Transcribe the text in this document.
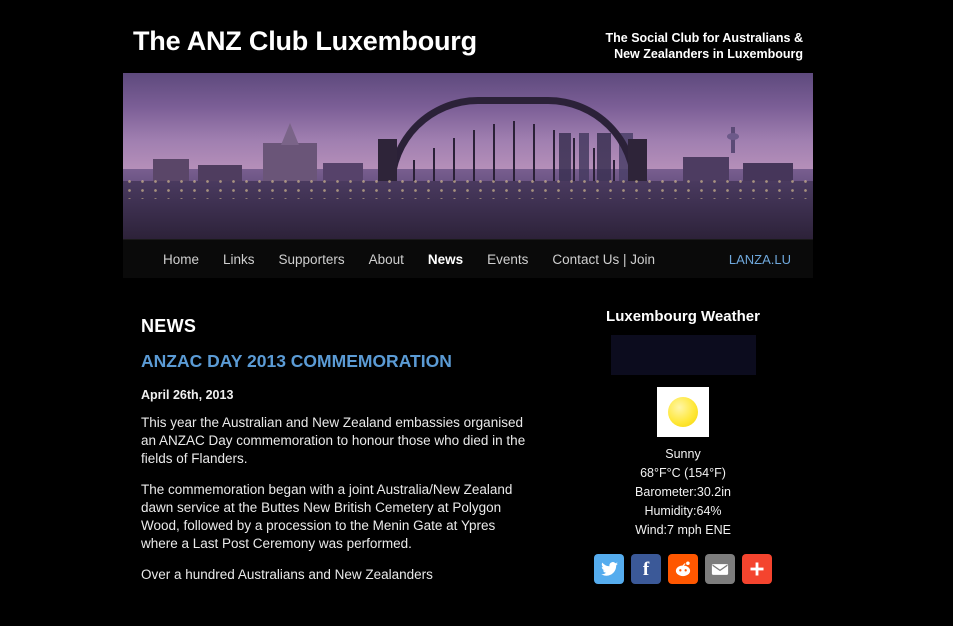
The ANZ Club Luxembourg	The Social Club for Australians &
New Zealanders in Luxembourg
Home Links Supporters About News Events Contact Us | Join	LANZA.LU
NEWS
ANZAC DAY 2013 COMMEMORATION
April 26th, 2013
This year the Australian and New Zealand embassies organised an ANZAC Day commemoration to honour those who died in the fields of Flanders.
The commemoration began with a joint Australia/New Zealand dawn service at the Buttes New British Cemetery at Polygon Wood, followed by a procession to the Menin Gate at Ypres where a Last Post Ceremony was performed.
Over a hundred Australians and New Zealanders
Luxembourg Weather
Sunny
68°F°C (154°F)
Barometer:30.2in
Humidity:64%
Wind:7 mph ENE
f
